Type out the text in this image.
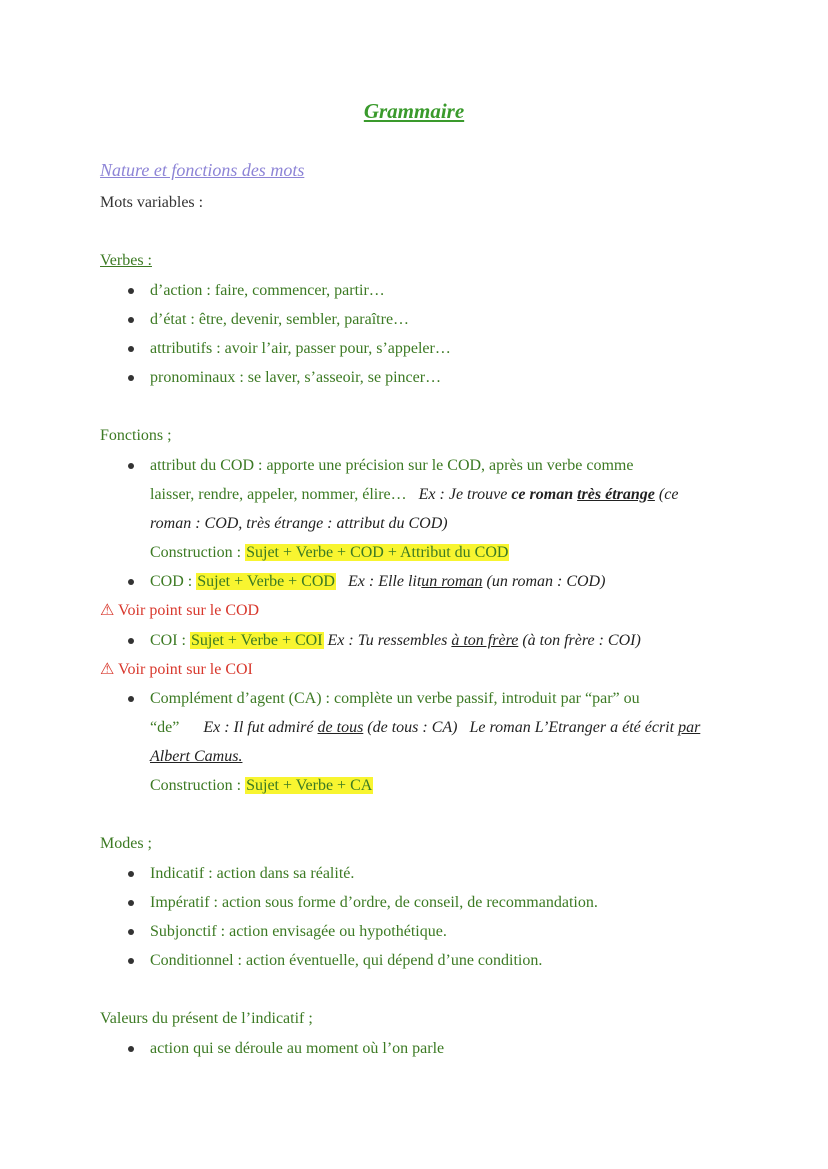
Grammaire
Nature et fonctions des mots
Mots variables :
Verbes :
d’action : faire, commencer, partir…
d’état : être, devenir, sembler, paraître…
attributifs : avoir l’air, passer pour, s’appeler…
pronominaux : se laver, s’asseoir, se pincer…
Fonctions ;
attribut du COD : apporte une précision sur le COD, après un verbe comme
laisser, rendre, appeler, nommer, élire… Ex : Je trouve ce roman très étrange (ce
roman : COD, très étrange : attribut du COD)
Construction : Sujet + Verbe + COD + Attribut du COD
COD : Sujet + Verbe + COD Ex : Elle litun roman (un roman : COD)
⚠ Voir point sur le COD
COI : Sujet + Verbe + COI Ex : Tu ressembles à ton frère (à ton frère : COI)
⚠ Voir point sur le COI
Complément d’agent (CA) : complète un verbe passif, introduit par “par” ou
“de” Ex : Il fut admiré de tous (de tous : CA) Le roman L’Etranger a été écrit par
Albert Camus.
Construction : Sujet + Verbe + CA
Modes ;
Indicatif : action dans sa réalité.
Impératif : action sous forme d’ordre, de conseil, de recommandation.
Subjonctif : action envisagée ou hypothétique.
Conditionnel : action éventuelle, qui dépend d’une condition.
Valeurs du présent de l’indicatif ;
action qui se déroule au moment où l’on parle
